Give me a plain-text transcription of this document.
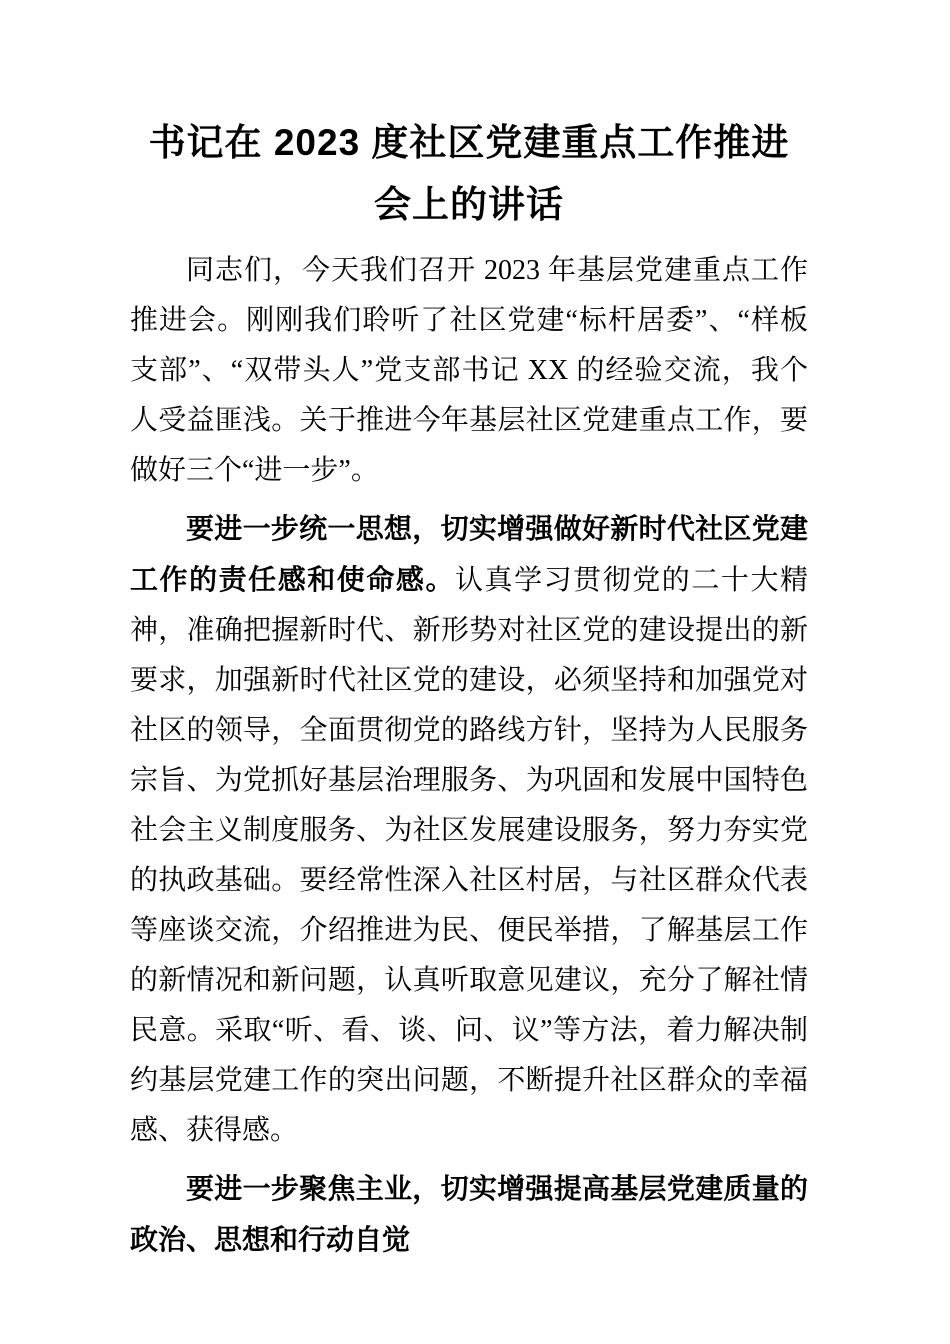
书记在 2023 度社区党建重点工作推进会上的讲话

同志们，今天我们召开 2023 年基层党建重点工作推进会。刚刚我们聆听了社区党建“标杆居委”、“样板支部”、“双带头人”党支部书记 XX 的经验交流，我个人受益匪浅。关于推进今年基层社区党建重点工作，要做好三个“进一步”。

要进一步统一思想，切实增强做好新时代社区党建工作的责任感和使命感。认真学习贯彻党的二十大精神，准确把握新时代、新形势对社区党的建设提出的新要求，加强新时代社区党的建设，必须坚持和加强党对社区的领导，全面贯彻党的路线方针，坚持为人民服务宗旨、为党抓好基层治理服务、为巩固和发展中国特色社会主义制度服务、为社区发展建设服务，努力夯实党的执政基础。要经常性深入社区村居，与社区群众代表等座谈交流，介绍推进为民、便民举措，了解基层工作的新情况和新问题，认真听取意见建议，充分了解社情民意。采取“听、看、谈、问、议”等方法，着力解决制约基层党建工作的突出问题，不断提升社区群众的幸福感、获得感。

要进一步聚焦主业，切实增强提高基层党建质量的政治、思想和行动自觉
